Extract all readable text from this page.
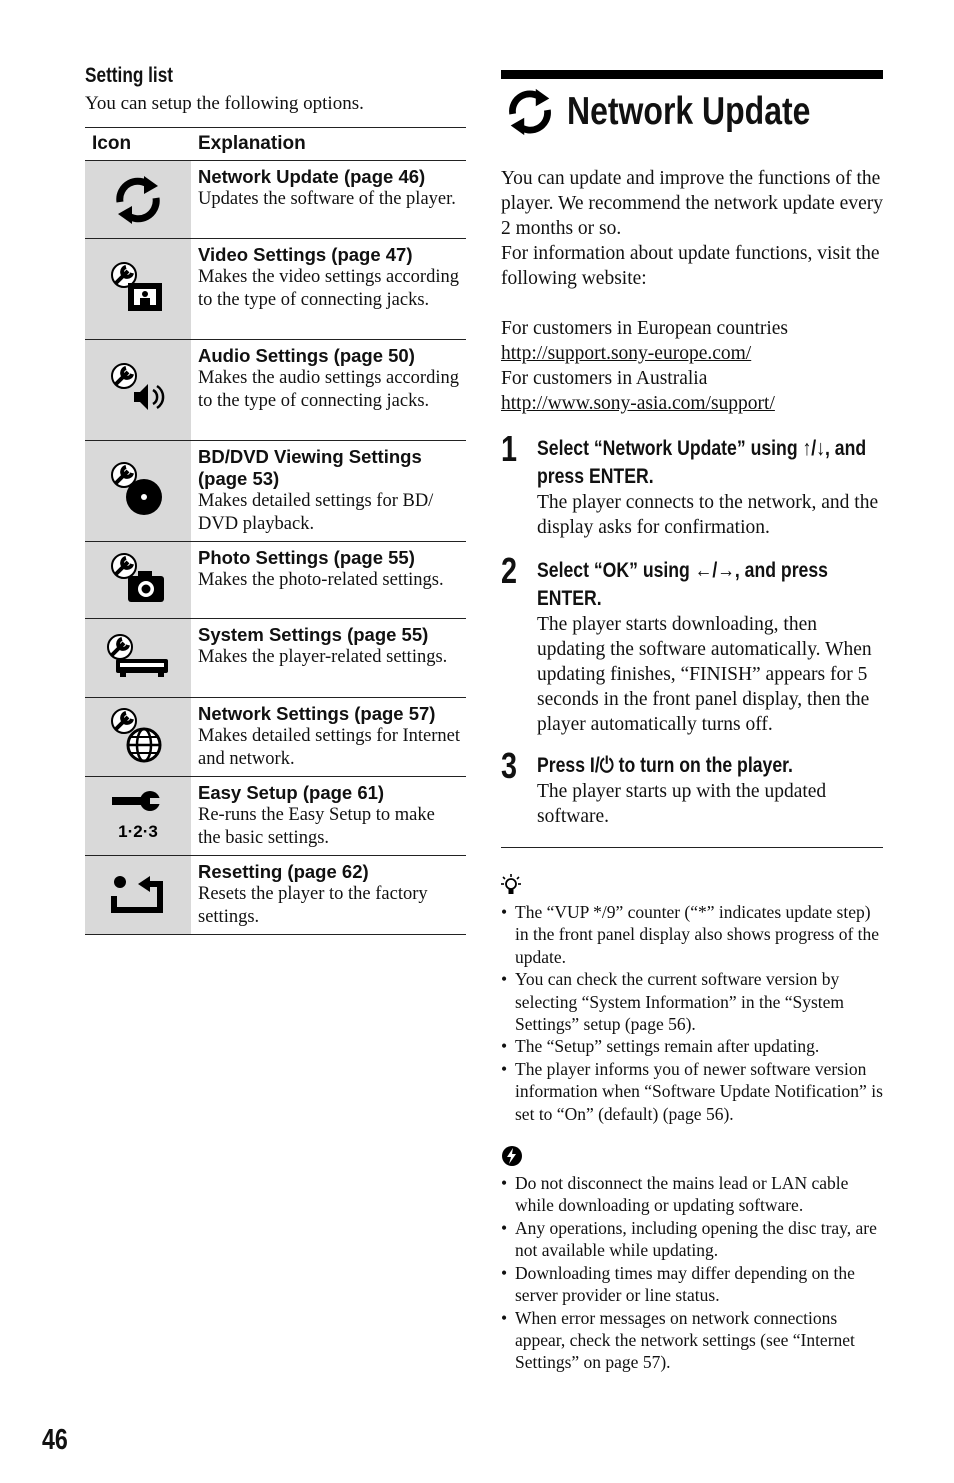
Setting list

You can setup the following options.

Icon	Explanation

Network Update (page 46)
Updates the software of the player.

Video Settings (page 47)
Makes the video settings according to the type of connecting jacks.

Audio Settings (page 50)
Makes the audio settings according to the type of connecting jacks.

BD/DVD Viewing Settings (page 53)
Makes detailed settings for BD/ DVD playback.

Photo Settings (page 55)
Makes the photo-related settings.

System Settings (page 55)
Makes the player-related settings.

Network Settings (page 57)
Makes detailed settings for Internet and network.

1·2·3	Easy Setup (page 61)
Re-runs the Easy Setup to make the basic settings.

Resetting (page 62)
Resets the player to the factory settings.
Network Update

You can update and improve the functions of the player. We recommend the network update every 2 months or so.

For information about update functions, visit the following website:

For customers in European countries

http://support.sony-europe.com/

For customers in Australia

http://www.sony-asia.com/support/

1 Select “Network Update” using ↑/↓, and press ENTER.
The player connects to the network, and the display asks for confirmation.
2 Select “OK” using ←/→, and press ENTER.
The player starts downloading, then updating the software automatically. When updating finishes, “FINISH” appears for 5 seconds in the front panel display, then the player automatically turns off.
3 Press I/⏻ to turn on the player.
The player starts up with the updated software.
• The “VUP */9” counter (“*” indicates update step) in the front panel display also shows progress of the update.
• You can check the current software version by selecting “System Information” in the “System Settings” setup (page 56).
• The “Setup” settings remain after updating.
• The player informs you of newer software version information when “Software Update Notification” is set to “On” (default) (page 56).
• Do not disconnect the mains lead or LAN cable while downloading or updating software.
• Any operations, including opening the disc tray, are not available while updating.
• Downloading times may differ depending on the server provider or line status.
• When error messages on network connections appear, check the network settings (see “Internet Settings” on page 57).
46
